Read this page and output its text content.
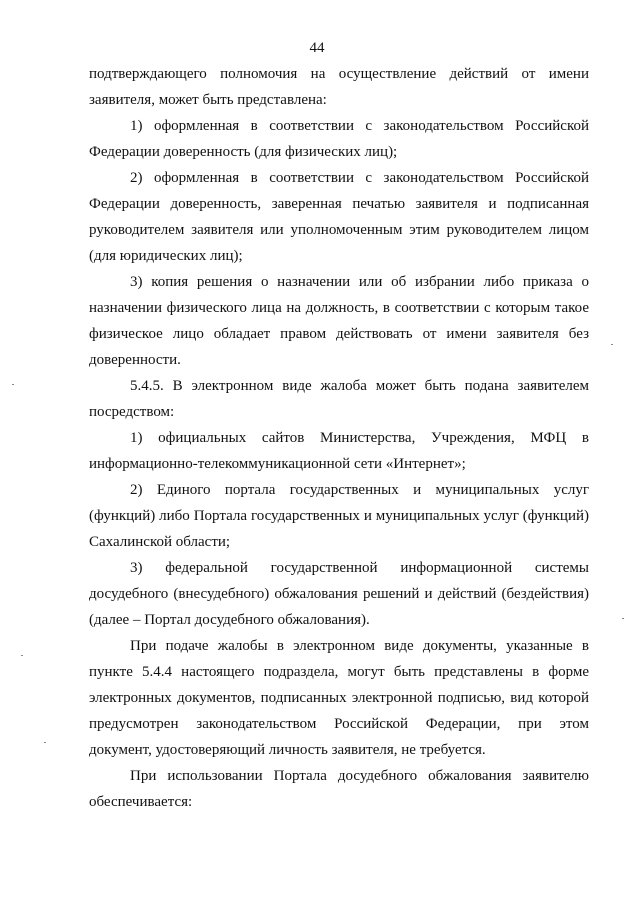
44

подтверждающего полномочия на осуществление действий от имени

заявителя, может быть представлена:

1) оформленная в соответствии с законодательством Российской

Федерации доверенность (для физических лиц);

2) оформленная в соответствии с законодательством Российской

Федерации доверенность, заверенная печатью заявителя и подписанная

руководителем заявителя или уполномоченным этим руководителем лицом

(для юридических лиц);

3) копия решения о назначении или об избрании либо приказа о

назначении физического лица на должность, в соответствии с которым такое

физическое лицо обладает правом действовать от имени заявителя без

доверенности.

5.4.5. В электронном виде жалоба может быть подана заявителем

посредством:

1) официальных сайтов Министерства, Учреждения, МФЦ в

информационно-телекоммуникационной сети «Интернет»;

2) Единого портала государственных и муниципальных услуг

(функций) либо Портала государственных и муниципальных услуг (функций)

Сахалинской области;

3) федеральной государственной информационной системы

досудебного (внесудебного) обжалования решений и действий (бездействия)

(далее – Портал досудебного обжалования).

При подаче жалобы в электронном виде документы, указанные в

пункте 5.4.4 настоящего подраздела, могут быть представлены в форме

электронных документов, подписанных электронной подписью, вид которой

предусмотрен законодательством Российской Федерации, при этом

документ, удостоверяющий личность заявителя, не требуется.

При использовании Портала досудебного обжалования заявителю

обеспечивается:
